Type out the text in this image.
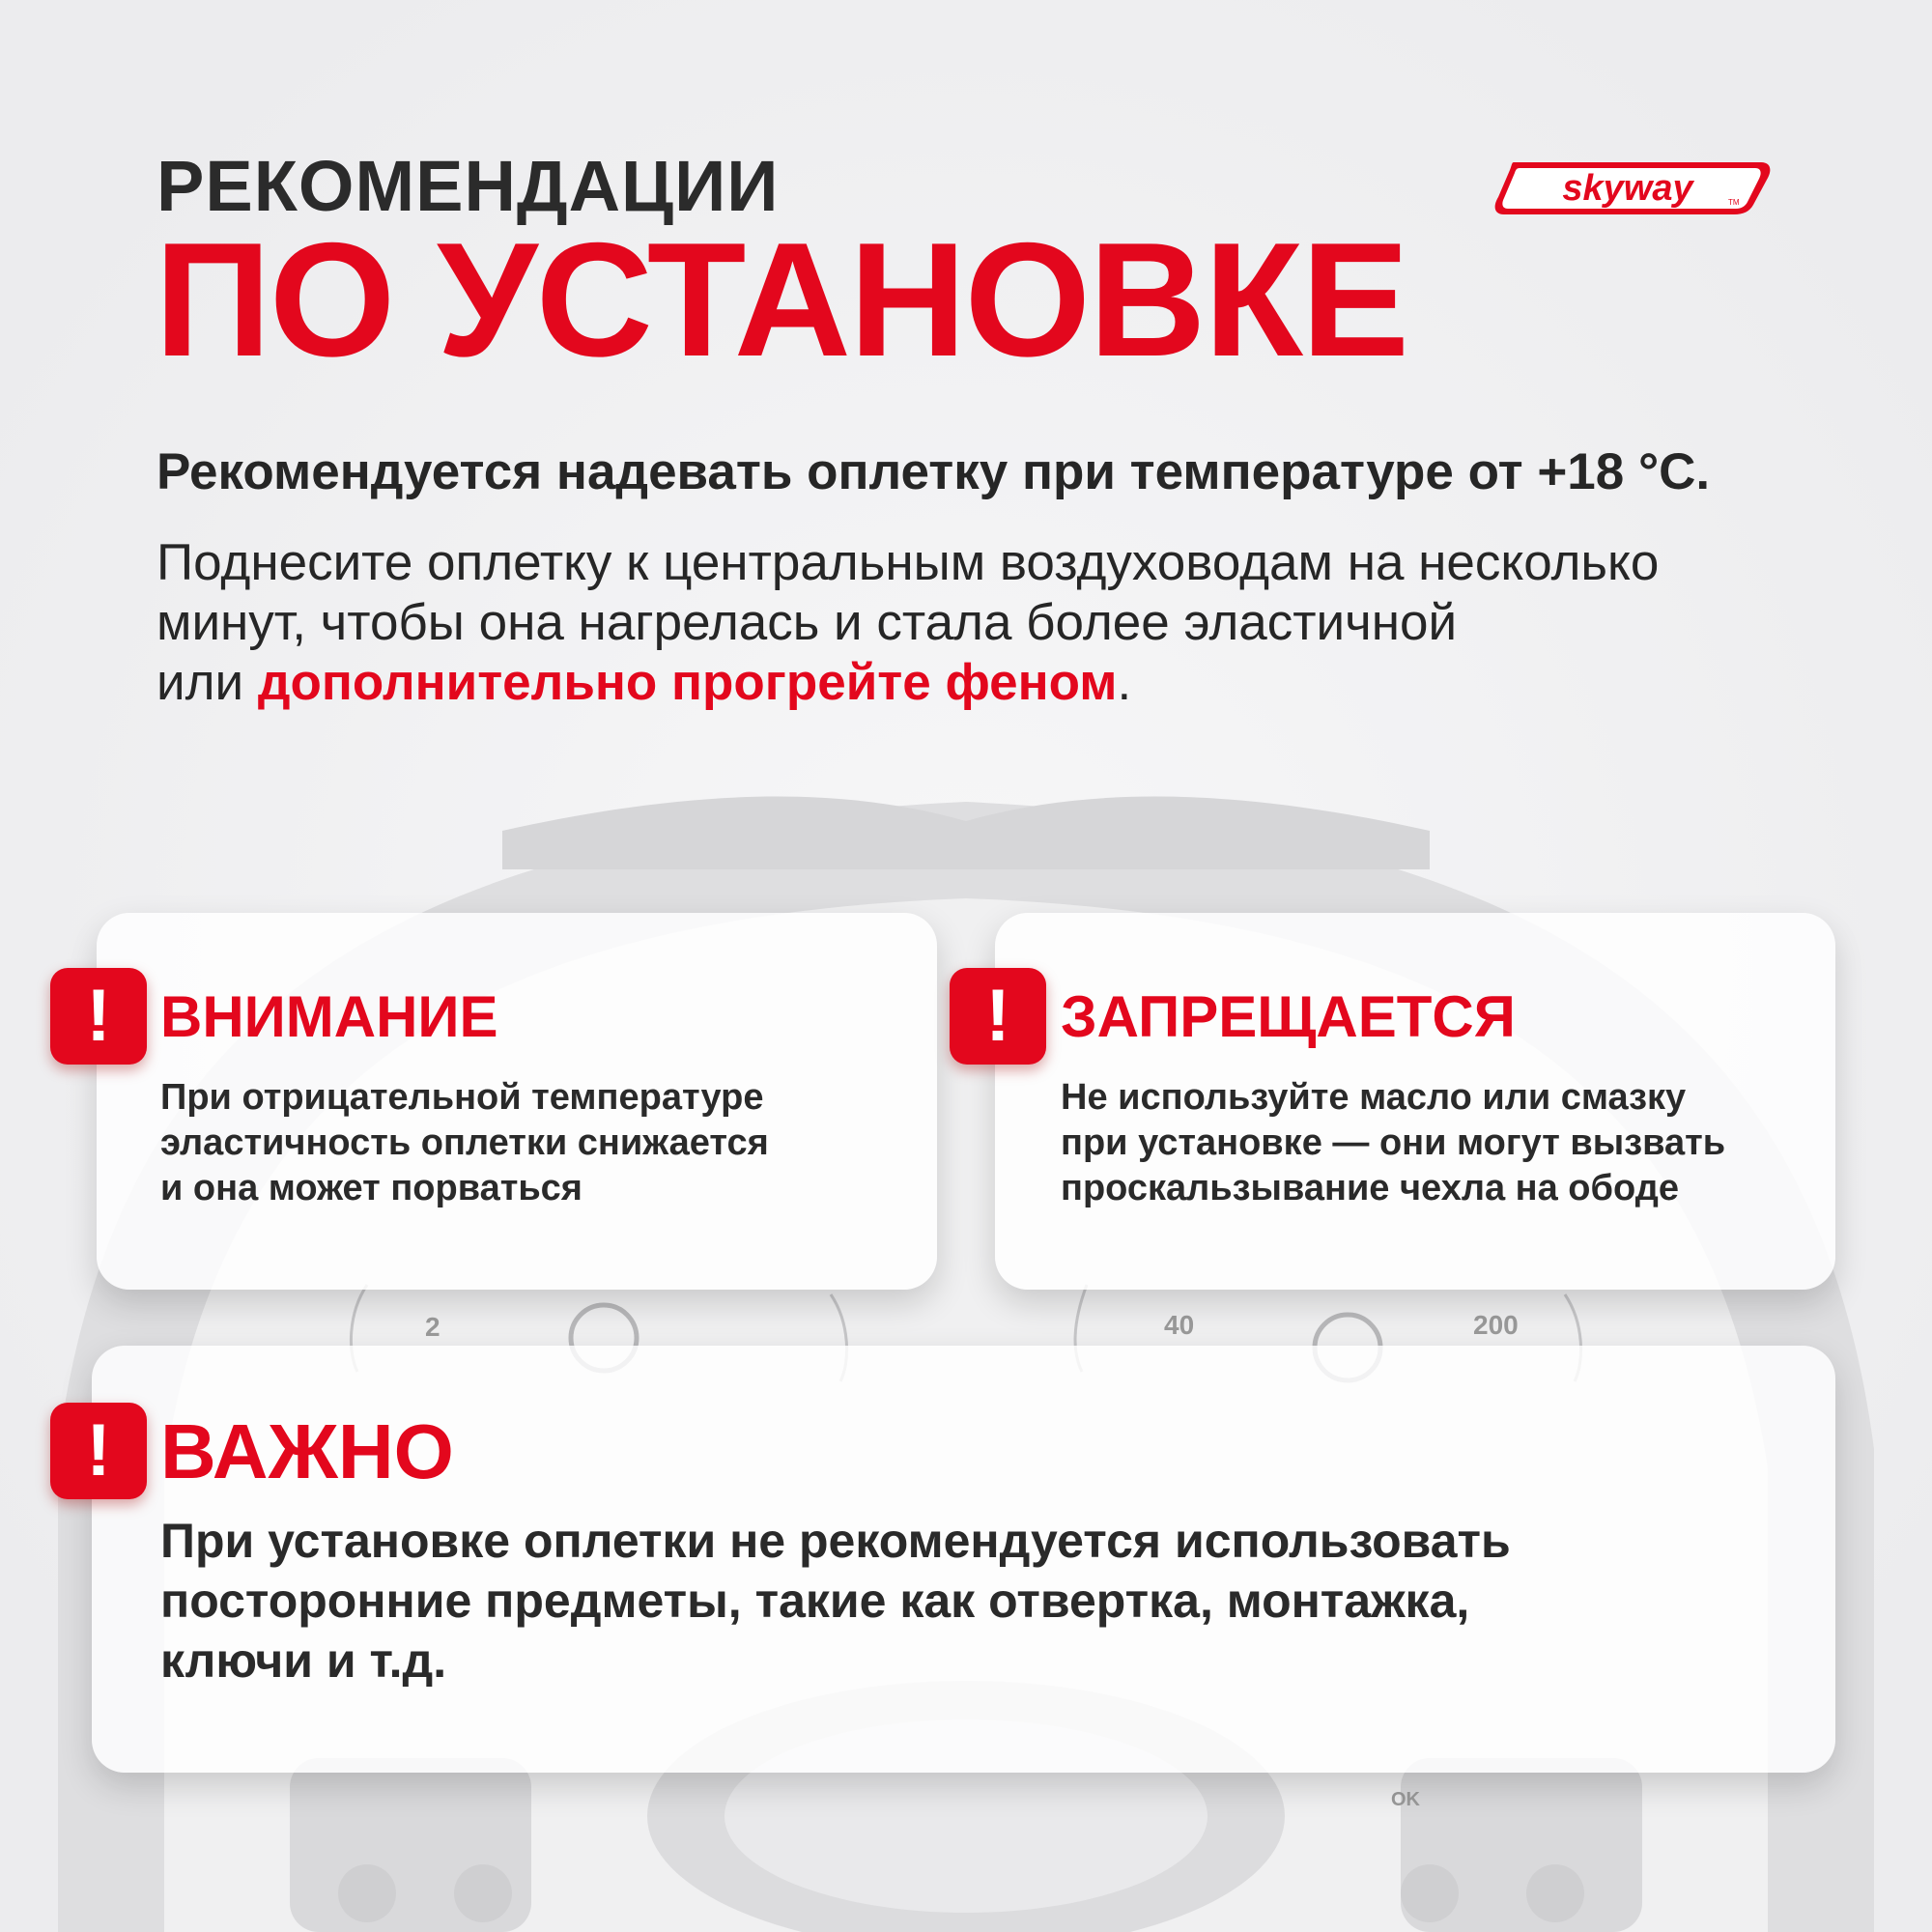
2	40	200
OK
РЕКОМЕНДАЦИИ
ПО УСТАНОВКЕ
skyway	TM
Рекомендуется надевать оплетку при температуре от +18 °С.
Поднесите оплетку к центральным воздуховодам на несколько
минут, чтобы она нагрелась и стала более эластичной
или дополнительно прогрейте феном.
! ВНИМАНИЕ
При отрицательной температуре
эластичность оплетки снижается
и она может порваться
! ЗАПРЕЩАЕТСЯ
Не используйте масло или смазку
при установке — они могут вызвать
проскальзывание чехла на ободе
! ВАЖНО
При установке оплетки не рекомендуется использовать
посторонние предметы, такие как отвертка, монтажка,
ключи и т.д.
